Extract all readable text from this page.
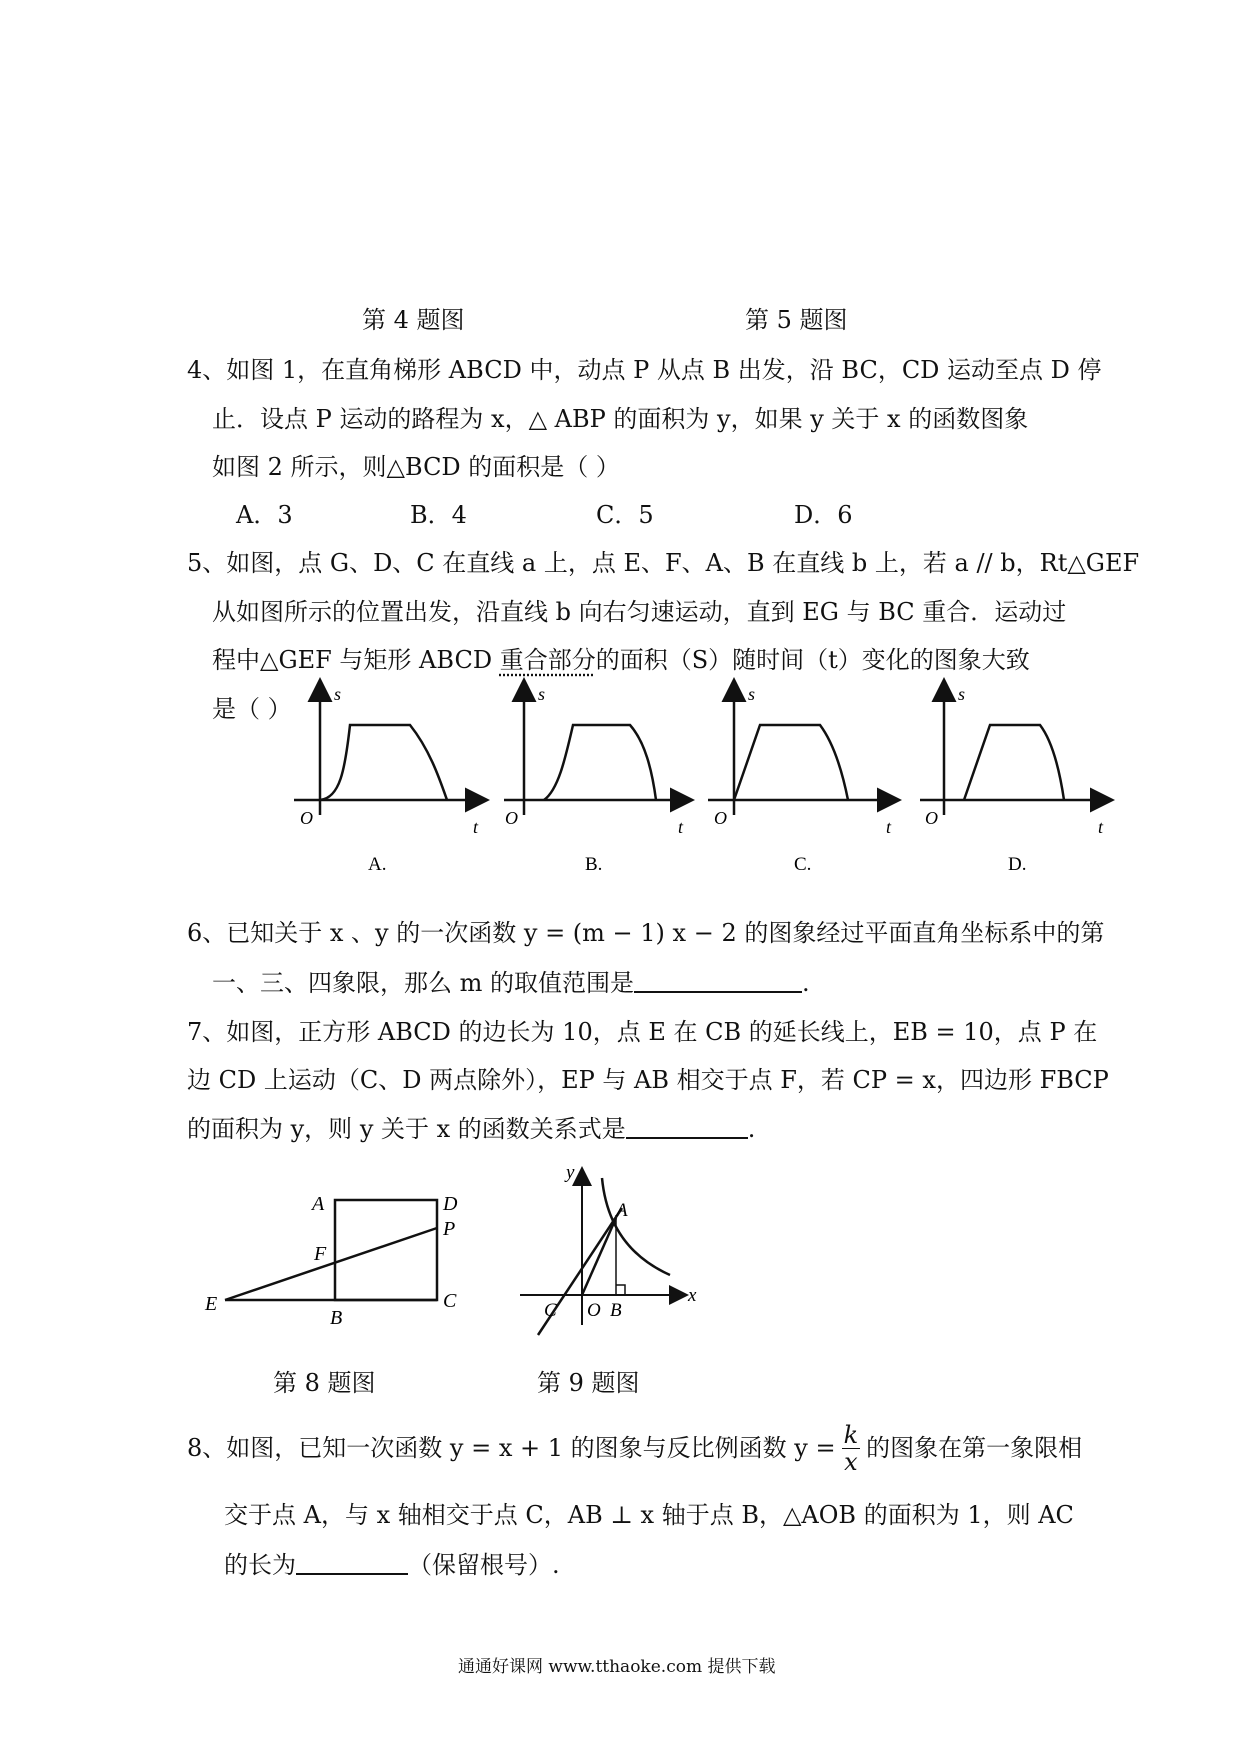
第 4 题图	第 5 题图
4、如图 1，在直角梯形 ABCD 中，动点 P 从点 B 出发，沿 BC，CD 运动至点 D 停
止．设点 P 运动的路程为 x，△ ABP 的面积为 y，如果 y 关于 x 的函数图象
如图 2 所示，则△BCD 的面积是（ ）
A．3	B．4	C．5	D．6
5、如图，点 G、D、C 在直线 a 上，点 E、F、A、B 在直线 b 上，若 a // b，Rt△GEF
从如图所示的位置出发，沿直线 b 向右匀速运动，直到 EG 与 BC 重合．运动过
程中△GEF 与矩形 ABCD 重合部分的面积（S）随时间（t）变化的图象大致
是（ ）
s
O	t
A.
s
O	t
B.
s
O	t
C.
s
O	t
D.
6、已知关于 x 、y 的一次函数 y = (m − 1) x − 2 的图象经过平面直角坐标系中的第
一、三、四象限，那么 m 的取值范围是	.
7、如图，正方形 ABCD 的边长为 10，点 E 在 CB 的延长线上，EB = 10，点 P 在
边 CD 上运动（C、D 两点除外），EP 与 AB 相交于点 F，若 CP = x，四边形 FBCP
的面积为 y，则 y 关于 x 的函数关系式是	.
A	D
P
F
E
B
C
y
A
x
C O B
第 8 题图	第 9 题图
8、如图，已知一次函数 y = x + 1 的图象与反比例函数 $y = \frac{k}{x}$ 的图象在第一象限相
交于点 A，与 x 轴相交于点 C，AB ⊥ x 轴于点 B，△AOB 的面积为 1，则 AC
的长为	（保留根号）.
通通好课网 www.tthaoke.com 提供下载
